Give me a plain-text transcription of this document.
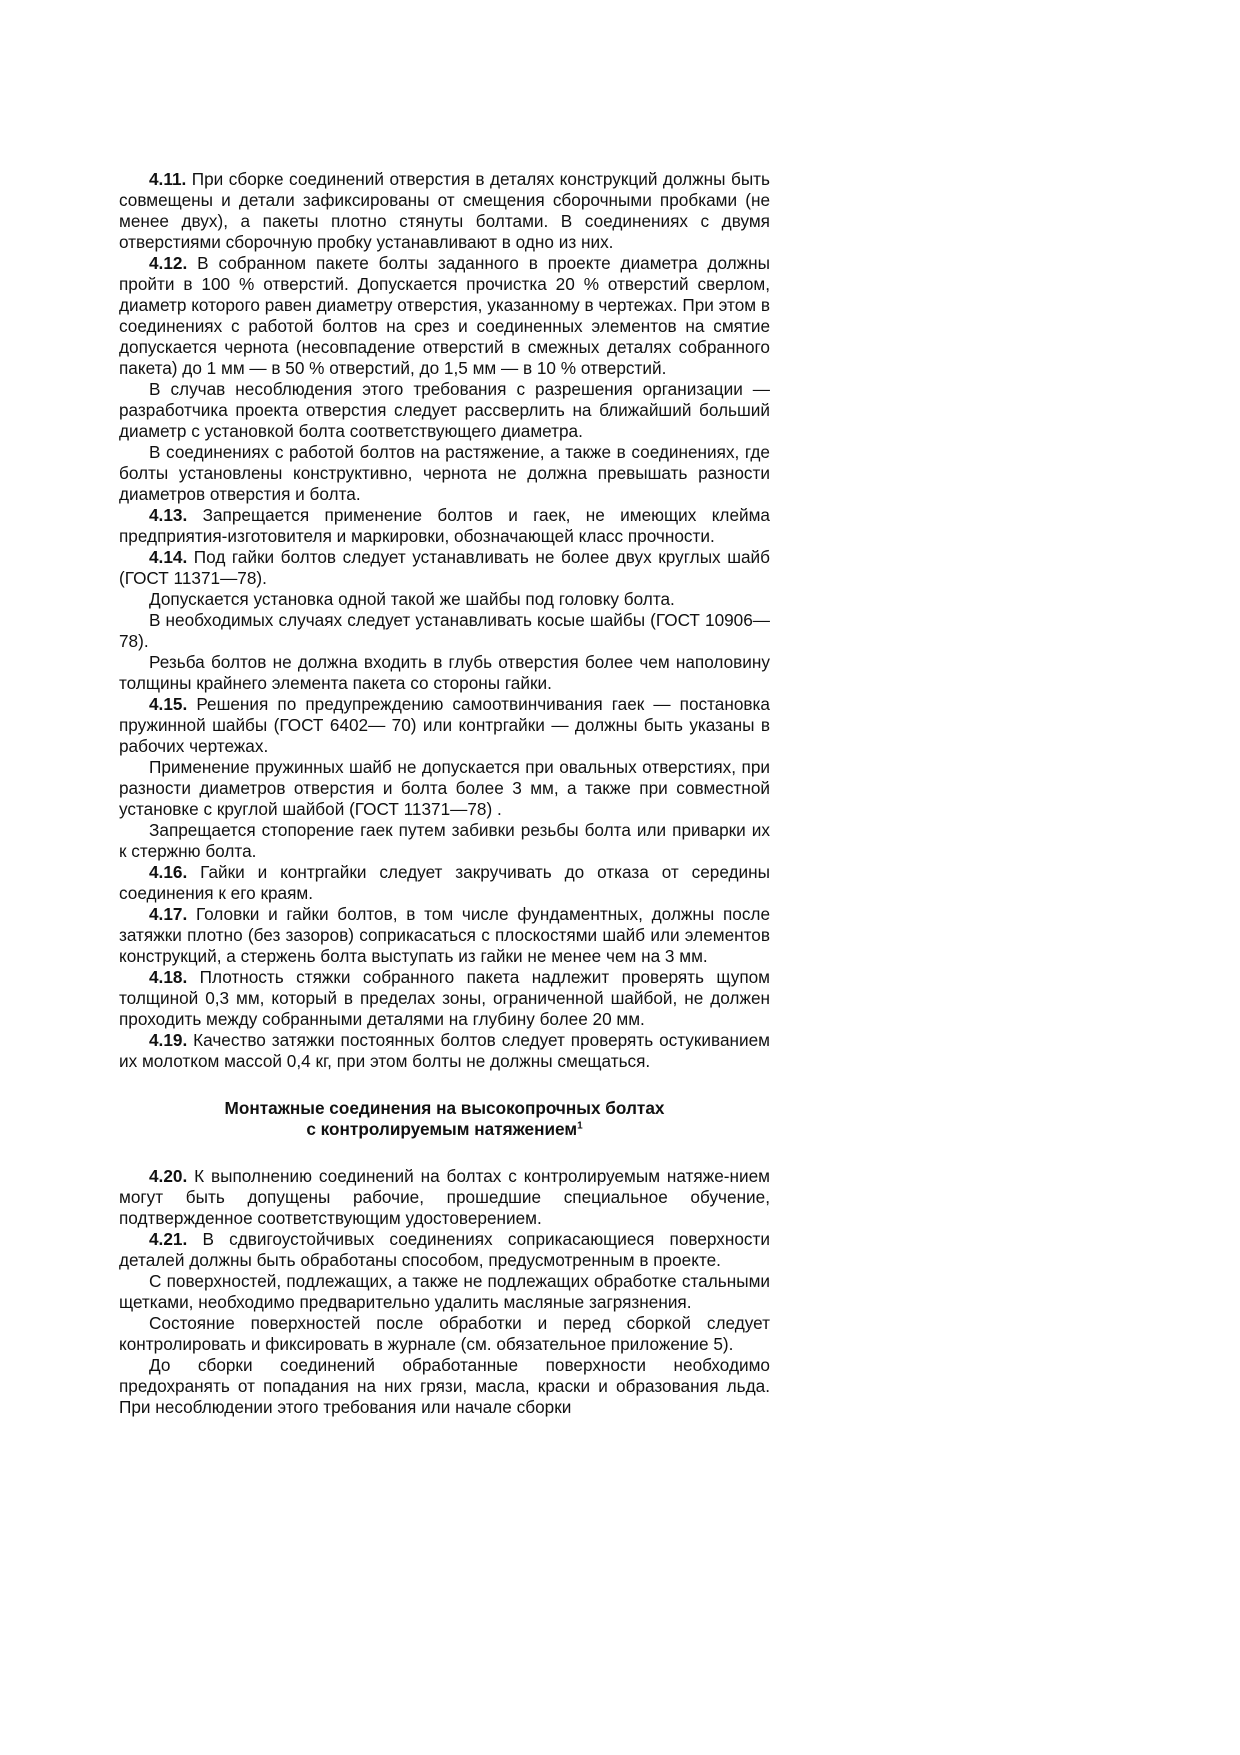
4.11. При сборке соединений отверстия в деталях конструкций должны быть совмещены и детали зафиксированы от смещения сборочными пробками (не менее двух), а пакеты плотно стянуты болтами. В соединениях с двумя отверстиями сборочную пробку устанавливают в одно из них.

4.12. В собранном пакете болты заданного в проекте диаметра должны пройти в 100 % отверстий. Допускается прочистка 20 % отверстий сверлом, диаметр которого равен диаметру отверстия, указанному в чертежах. При этом в соединениях с работой болтов на срез и соединенных элементов на смятие допускается чернота (несовпадение отверстий в смежных деталях собранного пакета) до 1 мм — в 50 % отверстий, до 1,5 мм — в 10 % отверстий.

В случав несоблюдения этого требования с разрешения организации — разработчика проекта отверстия следует рассверлить на ближайший больший диаметр с установкой болта соответствующего диаметра.

В соединениях с работой болтов на растяжение, а также в соединениях, где болты установлены конструктивно, чернота не должна превышать разности диаметров отверстия и болта.

4.13. Запрещается применение болтов и гаек, не имеющих клейма предприятия-изготовителя и маркировки, обозначающей класс прочности.

4.14. Под гайки болтов следует устанавливать не более двух круглых шайб (ГОСТ 11371—78).

Допускается установка одной такой же шайбы под головку болта.

В необходимых случаях следует устанавливать косые шайбы (ГОСТ 10906—78).

Резьба болтов не должна входить в глубь отверстия более чем наполовину толщины крайнего элемента пакета со стороны гайки.

4.15. Решения по предупреждению самоотвинчивания гаек — постановка пружинной шайбы (ГОСТ 6402— 70) или контргайки — должны быть указаны в рабочих чертежах.

Применение пружинных шайб не допускается при овальных отверстиях, при разности диаметров отверстия и болта более 3 мм, а также при совместной установке с круглой шайбой (ГОСТ 11371—78) .

Запрещается стопорение гаек путем забивки резьбы болта или приварки их к стержню болта.

4.16. Гайки и контргайки следует закручивать до отказа от середины соединения к его краям.

4.17. Головки и гайки болтов, в том числе фундаментных, должны после затяжки плотно (без зазоров) соприкасаться с плоскостями шайб или элементов конструкций, а стержень болта выступать из гайки не менее чем на 3 мм.

4.18. Плотность стяжки собранного пакета надлежит проверять щупом толщиной 0,3 мм, который в пределах зоны, ограниченной шайбой, не должен проходить между собранными деталями на глубину более 20 мм.

4.19. Качество затяжки постоянных болтов следует проверять остукиванием их молотком массой 0,4 кг, при этом болты не должны смещаться.

Монтажные соединения на высокопрочных болтах
с контролируемым натяжением$^1$

4.20. К выполнению соединений на болтах с контролируемым натяже-нием могут быть допущены рабочие, прошедшие специальное обучение, подтвержденное соответствующим удостоверением.

4.21. В сдвигоустойчивых соединениях соприкасающиеся поверхности деталей должны быть обработаны способом, предусмотренным в проекте.

С поверхностей, подлежащих, а также не подлежащих обработке стальными щетками, необходимо предварительно удалить масляные загрязнения.

Состояние поверхностей после обработки и перед сборкой следует контролировать и фиксировать в журнале (см. обязательное приложение 5).

До сборки соединений обработанные поверхности необходимо предохранять от попадания на них грязи, масла, краски и образования льда. При несоблюдении этого требования или начале сборки
